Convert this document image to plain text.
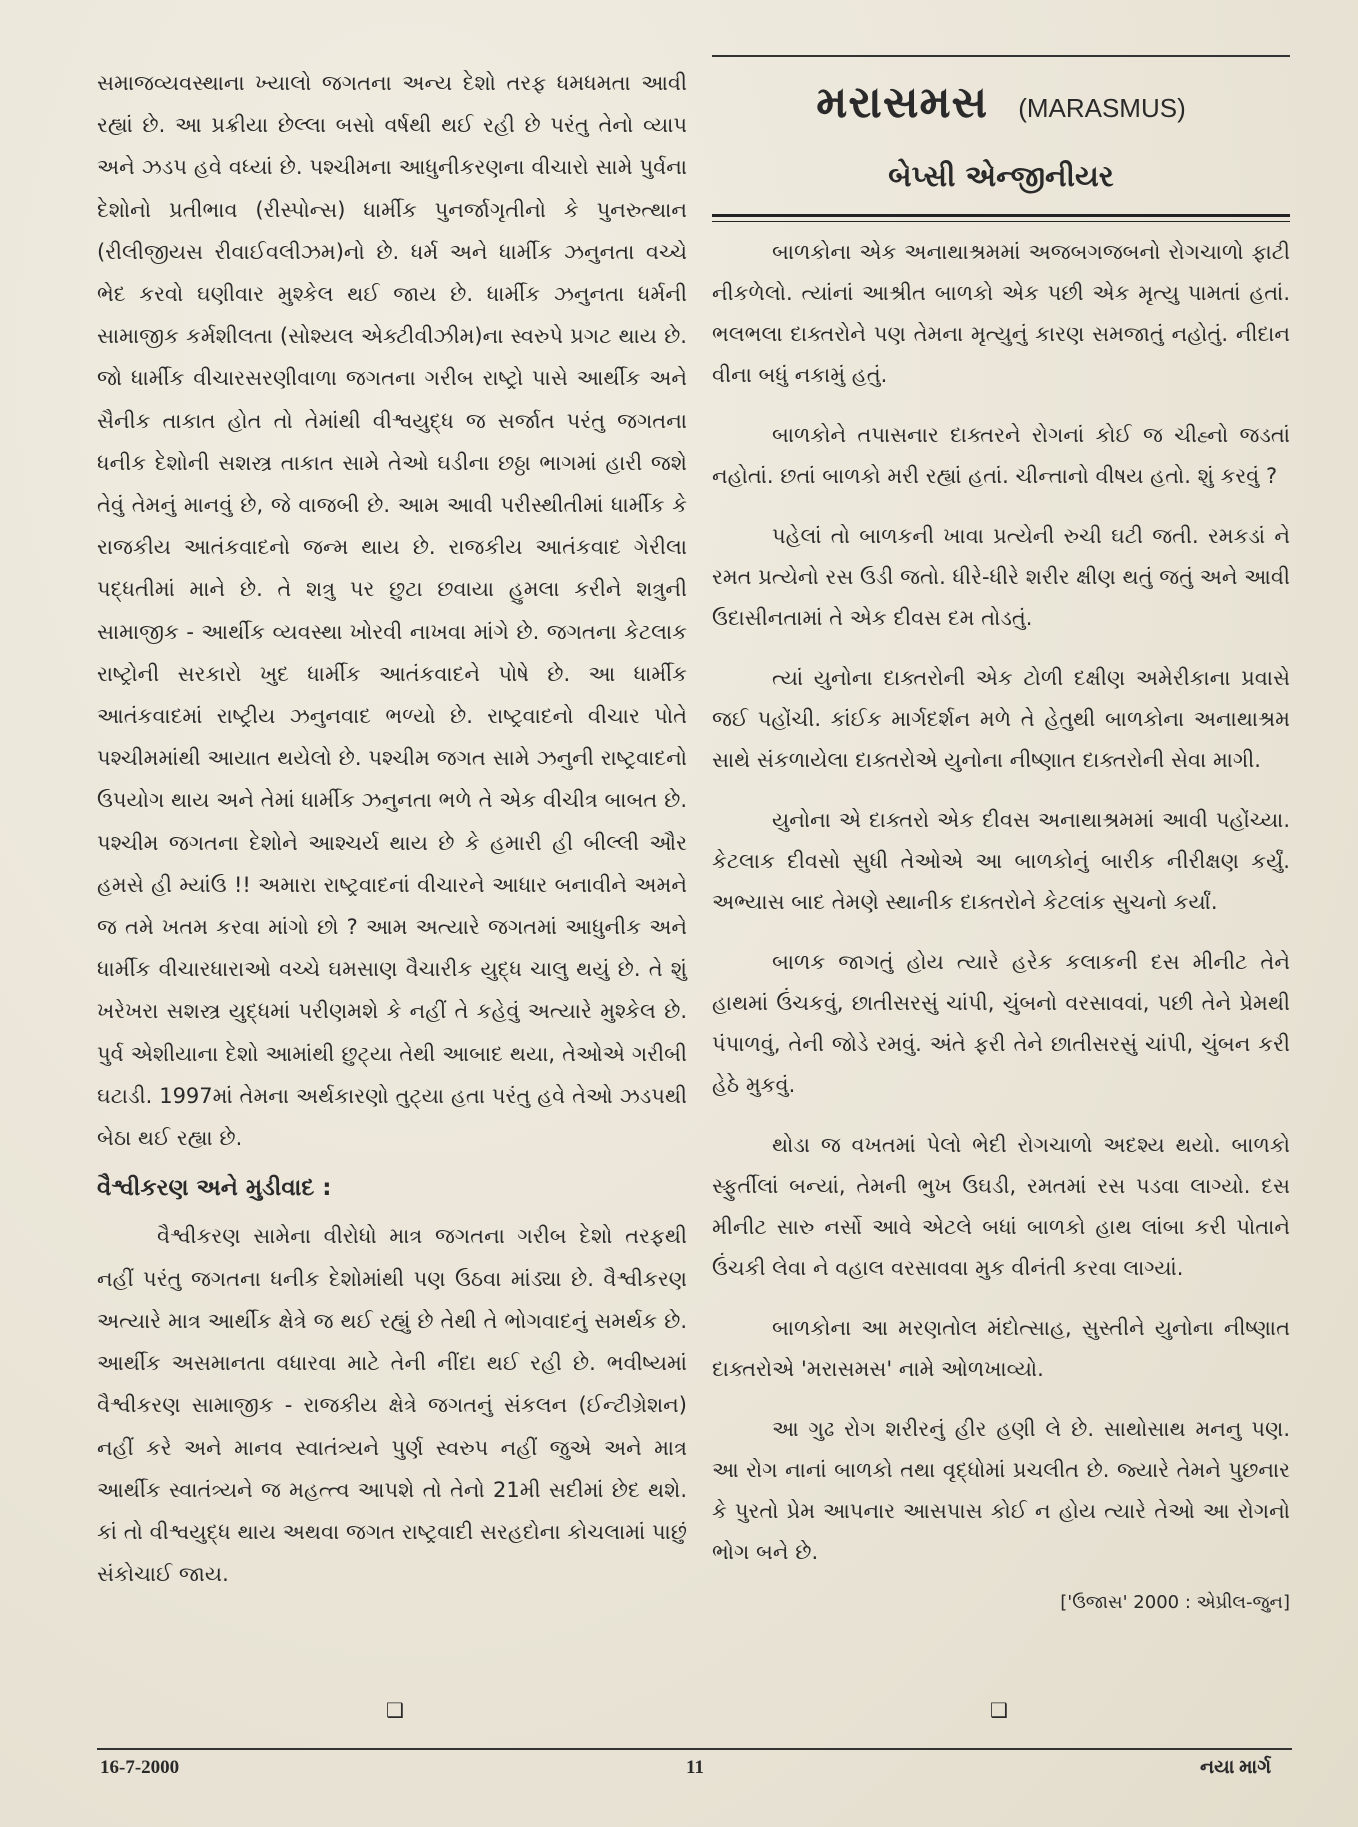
સમાજવ્યવસ્થાના ખ્યાલો જગતના અન્ય દેશો તરફ ધમધમતા આવી રહ્યાં છે. આ પ્રક્રીયા છેલ્લા બસો વર્ષથી થઈ રહી છે પરંતુ તેનો વ્યાપ અને ઝડપ હવે વધ્યાં છે. પશ્ચીમના આધુનીકરણના વીચારો સામે પુર્વના દેશોનો પ્રતીભાવ (રીસ્પોન્સ) ધાર્મીક પુનર્જાગૃતીનો કે પુનરુત્થાન (રીલીજીયસ રીવાઈવલીઝમ)નો છે. ધર્મ અને ધાર્મીક ઝનુનતા વચ્ચે ભેદ કરવો ઘણીવાર મુશ્કેલ થઈ જાય છે. ધાર્મીક ઝનુનતા ધર્મની સામાજીક કર્મશીલતા (સોશ્યલ એક્ટીવીઝીમ)ના સ્વરુપે પ્રગટ થાય છે. જો ધાર્મીક વીચારસરણીવાળા જગતના ગરીબ રાષ્ટ્રો પાસે આર્થીક અને સૈનીક તાકાત હોત તો તેમાંથી વીશ્વયુદ્ધ જ સર્જાત પરંતુ જગતના ધનીક દેશોની સશસ્ત્ર તાકાત સામે તેઓ ઘડીના છઠ્ઠા ભાગમાં હારી જશે તેવું તેમનું માનવું છે, જે વાજબી છે. આમ આવી પરીસ્થીતીમાં ધાર્મીક કે રાજકીય આતંકવાદનો જન્મ થાય છે. રાજકીય આતંકવાદ ગેરીલા પદ્ધતીમાં માને છે. તે શત્રુ પર છુટા છવાયા હુમલા કરીને શત્રુની સામાજીક - આર્થીક વ્યવસ્થા ખોરવી નાખવા માંગે છે. જગતના કેટલાક રાષ્ટ્રોની સરકારો ખુદ ધાર્મીક આતંકવાદને પોષે છે. આ ધાર્મીક આતંકવાદમાં રાષ્ટ્રીય ઝનુનવાદ ભળ્યો છે. રાષ્ટ્રવાદનો વીચાર પોતે પશ્ચીમમાંથી આયાત થયેલો છે. પશ્ચીમ જગત સામે ઝનુની રાષ્ટ્રવાદનો ઉપયોગ થાય અને તેમાં ધાર્મીક ઝનુનતા ભળે તે એક વીચીત્ર બાબત છે. પશ્ચીમ જગતના દેશોને આશ્ચર્ય થાય છે કે હમારી હી બીલ્લી ઔર હમસે હી મ્યાંઉ !! અમારા રાષ્ટ્રવાદનાં વીચારને આધાર બનાવીને અમને જ તમે ખતમ કરવા માંગો છો ? આમ અત્યારે જગતમાં આધુનીક અને ધાર્મીક વીચારધારાઓ વચ્ચે ઘમસાણ વૈચારીક યુદ્ધ ચાલુ થયું છે. તે શું ખરેખરા સશસ્ત્ર યુદ્ધમાં પરીણમશે કે નહીં તે કહેવું અત્યારે મુશ્કેલ છે. પુર્વ એશીયાના દેશો આમાંથી છુટ્યા તેથી આબાદ થયા, તેઓએ ગરીબી ઘટાડી. 1997માં તેમના અર્થકારણો તુટ્યા હતા પરંતુ હવે તેઓ ઝડપથી બેઠા થઈ રહ્યા છે.

વૈશ્વીકરણ અને મુડીવાદ :

વૈશ્વીકરણ સામેના વીરોધો માત્ર જગતના ગરીબ દેશો તરફથી નહીં પરંતુ જગતના ધનીક દેશોમાંથી પણ ઉઠવા માંડ્યા છે. વૈશ્વીકરણ અત્યારે માત્ર આર્થીક ક્ષેત્રે જ થઈ રહ્યું છે તેથી તે ભોગવાદનું સમર્થક છે. આર્થીક અસમાનતા વધારવા માટે તેની નીંદા થઈ રહી છે. ભવીષ્યમાં વૈશ્વીકરણ સામાજીક - રાજકીય ક્ષેત્રે જગતનું સંકલન (ઈન્ટીગ્રેશન) નહીં કરે અને માનવ સ્વાતંત્ર્યને પુર્ણ સ્વરુપ નહીં જુએ અને માત્ર આર્થીક સ્વાતંત્ર્યને જ મહત્ત્વ આપશે તો તેનો 21મી સદીમાં છેદ થશે. કાં તો વીશ્વયુદ્ધ થાય અથવા જગત રાષ્ટ્રવાદી સરહદોના કોચલામાં પાછું સંકોચાઈ જાય.

❑
મરાસમસ (MARASMUS)
બેપ્સી એન્જીનીયર

બાળકોના એક અનાથાશ્રમમાં અજબગજબનો રોગચાળો ફાટી નીકળેલો. ત્યાંનાં આશ્રીત બાળકો એક પછી એક મૃત્યુ પામતાં હતાં. ભલભલા દાક્તરોને પણ તેમના મૃત્યુનું કારણ સમજાતું નહોતું. નીદાન વીના બધું નકામું હતું.

બાળકોને તપાસનાર દાક્તરને રોગનાં કોઈ જ ચીહ્નો જડતાં નહોતાં. છતાં બાળકો મરી રહ્યાં હતાં. ચીન્તાનો વીષય હતો. શું કરવું ?

પહેલાં તો બાળકની ખાવા પ્રત્યેની રુચી ઘટી જતી. રમકડાં ને રમત પ્રત્યેનો રસ ઉડી જતો. ધીરે-ધીરે શરીર ક્ષીણ થતું જતું અને આવી ઉદાસીનતામાં તે એક દીવસ દમ તોડતું.

ત્યાં યુનોના દાક્તરોની એક ટોળી દક્ષીણ અમેરીકાના પ્રવાસે જઈ પહોંચી. કાંઈક માર્ગદર્શન મળે તે હેતુથી બાળકોના અનાથાશ્રમ સાથે સંકળાયેલા દાક્તરોએ યુનોના નીષ્ણાત દાક્તરોની સેવા માગી.

યુનોના એ દાક્તરો એક દીવસ અનાથાશ્રમમાં આવી પહોંચ્યા. કેટલાક દીવસો સુધી તેઓએ આ બાળકોનું બારીક નીરીક્ષણ કર્યું. અભ્યાસ બાદ તેમણે સ્થાનીક દાક્તરોને કેટલાંક સુચનો કર્યાં.

બાળક જાગતું હોય ત્યારે હરેક કલાકની દસ મીનીટ તેને હાથમાં ઉંચકવું, છાતીસરસું ચાંપી, ચુંબનો વરસાવવાં, પછી તેને પ્રેમથી પંપાળવું, તેની જોડે રમવું. અંતે ફરી તેને છાતીસરસું ચાંપી, ચુંબન કરી હેઠે મુકવું.

થોડા જ વખતમાં પેલો ભેદી રોગચાળો અદશ્ય થયો. બાળકો સ્ફુર્તીલાં બન્યાં, તેમની ભુખ ઉઘડી, રમતમાં રસ પડવા લાગ્યો. દસ મીનીટ સારુ નર્સો આવે એટલે બધાં બાળકો હાથ લાંબા કરી પોતાને ઉંચકી લેવા ને વહાલ વરસાવવા મુક વીનંતી કરવા લાગ્યાં.

બાળકોના આ મરણતોલ મંદોત્સાહ, સુસ્તીને યુનોના નીષ્ણાત દાક્તરોએ 'મરાસમસ' નામે ઓળખાવ્યો.

આ ગુઢ રોગ શરીરનું હીર હણી લે છે. સાથોસાથ મનનુ પણ. આ રોગ નાનાં બાળકો તથા વૃદ્ધોમાં પ્રચલીત છે. જ્યારે તેમને પુછનાર કે પુરતો પ્રેમ આપનાર આસપાસ કોઈ ન હોય ત્યારે તેઓ આ રોગનો ભોગ બને છે.

['ઉજાસ' 2000 : એપ્રીલ-જુન]
❑
16-7-2000	11	નયા માર્ગ
